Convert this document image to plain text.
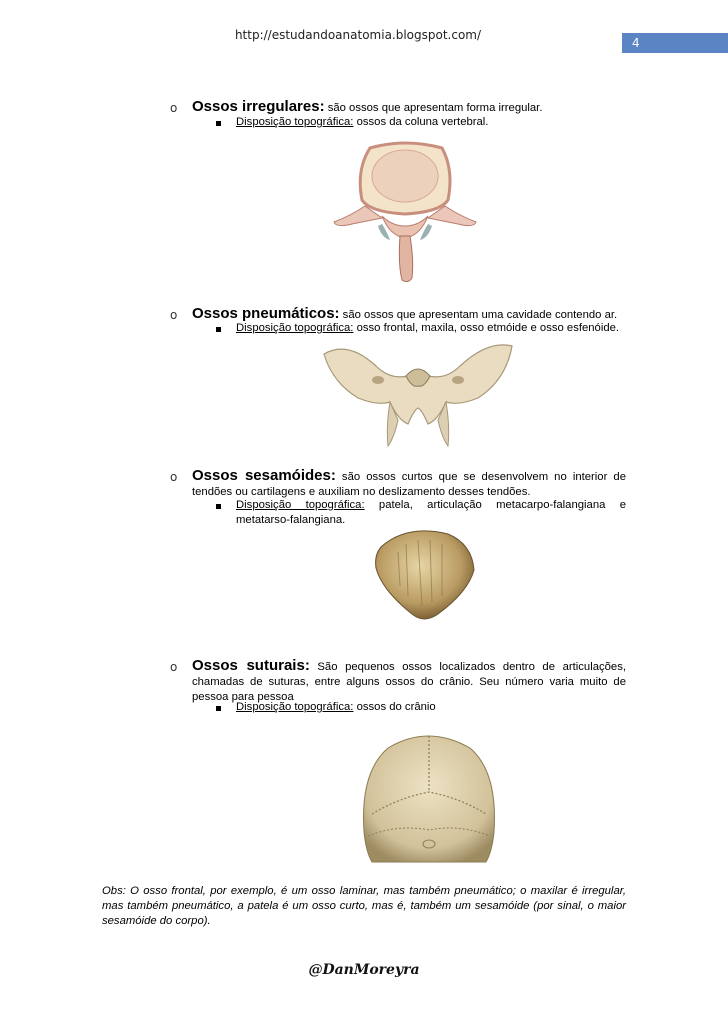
http://estudandoanatomia.blogspot.com/
4
o Ossos irregulares: são ossos que apresentam forma irregular.
Disposição topográfica: ossos da coluna vertebral.
o Ossos pneumáticos: são ossos que apresentam uma cavidade contendo ar.
Disposição topográfica: osso frontal, maxila, osso etmóide e osso esfenóide.
o Ossos sesamóides: são ossos curtos que se desenvolvem no interior de tendões ou cartilagens e auxiliam no deslizamento desses tendões.
Disposição topográfica: patela, articulação metacarpo-falangiana e metatarso-falangiana.
o Ossos suturais: São pequenos ossos localizados dentro de articulações, chamadas de suturas, entre alguns ossos do crânio. Seu número varia muito de pessoa para pessoa
Disposição topográfica: ossos do crânio
Obs: O osso frontal, por exemplo, é um osso laminar, mas também pneumático; o maxilar é irregular, mas também pneumático, a patela é um osso curto, mas é, também um sesamóide (por sinal, o maior sesamóide do corpo).
@DanMoreyra
